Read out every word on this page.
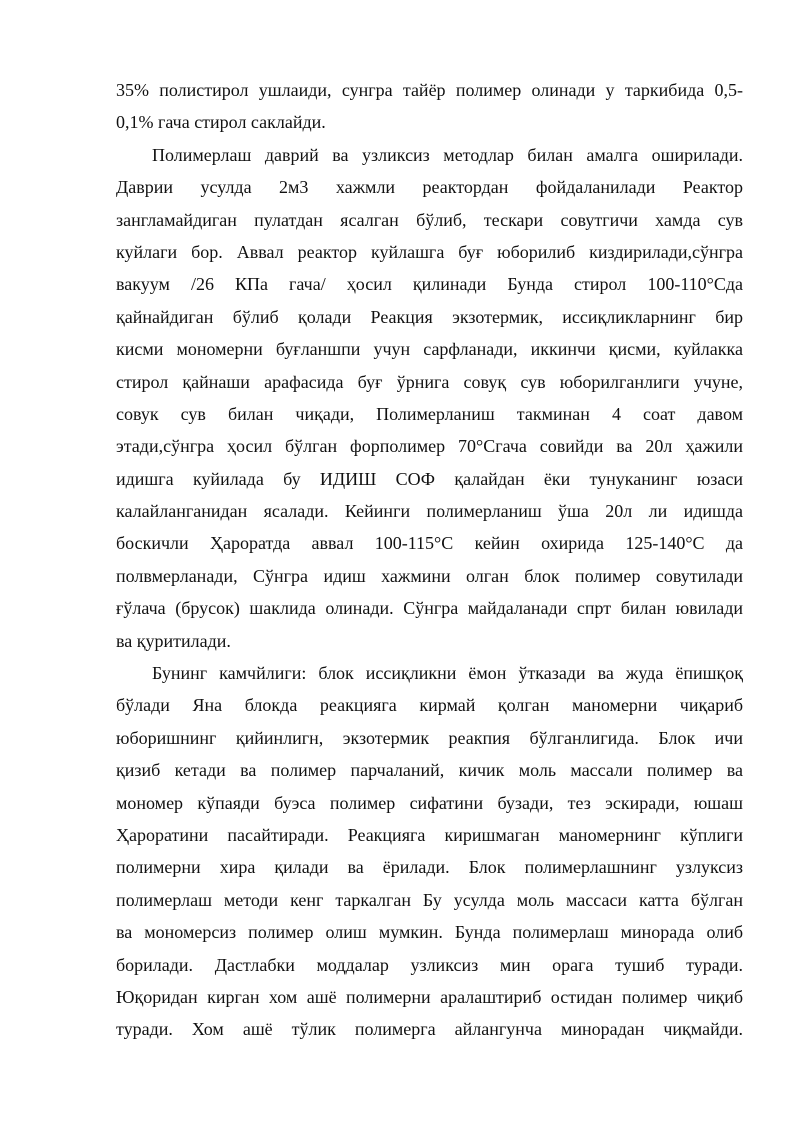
35% полистирол ушлаиди, сунгра тайёр полимер олинади у таркибида 0,5-
0,1% гача стирол саклайди.
Полимерлаш даврий ва узликсиз методлар билан амалга оширилади.
Даврии усулда 2м3 хажмли реактордан фойдаланилади Реактор
зангламайдиган пулатдан ясалган бўлиб, тескари совутгичи хамда сув
куйлаги бор. Аввал реактор куйлашга буғ юборилиб киздирилади,сўнгра
вакуум /26 КПа гача/ ҳосил қилинади Бунда стирол 100-110°Сда
қайнайдиган бўлиб қолади Реакция экзотермик, иссиқликларнинг бир
кисми мономерни буғланшпи учун сарфланади, иккинчи қисми, куйлакка
стирол қайнаши арафасида буғ ўрнига совуқ сув юборилганлиги учуне,
совук сув билан чиқади, Полимерланиш такминан 4 соат давом
этади,сўнгра ҳосил бўлган форполимер 70°Сгача совийди ва 20л ҳажили
идишга куйилада бу ИДИШ СОФ қалайдан ёки тунуканинг юзаси
калайланганидан ясалади. Кейинги полимерланиш ўша 20л ли идишда
боскичли Ҳароратда аввал 100-115°С кейин охирида 125-140°С да
полвмерланади, Сўнгра идиш хажмини олган блок полимер совутилади
ғўлача (брусок) шаклида олинади. Сўнгра майдаланади спрт билан ювилади
ва қуритилади.
Бунинг камчйлиги: блок иссиқликни ёмон ўтказади ва жуда ёпишқоқ
бўлади Яна блокда реакцияга кирмай қолган маномерни чиқариб
юборишнинг қийинлигн, экзотермик реакпия бўлганлигида. Блок ичи
қизиб кетади ва полимер парчаланий, кичик моль массали полимер ва
мономер кўпаяди буэса полимер сифатини бузади, тез эскиради, юшаш
Ҳароратини пасайтиради. Реакцияга киришмаган маномернинг кўплиги
полимерни хира қилади ва ёрилади. Блок полимерлашнинг узлуксиз
полимерлаш методи кенг таркалган Бу усулда моль массаси катта бўлган
ва мономерсиз полимер олиш мумкин. Бунда полимерлаш минорада олиб
борилади. Дастлабки моддалар узликсиз мин орага тушиб туради.
Юқоридан кирган хом ашё полимерни аралаштириб остидан полимер чиқиб
туради. Хом ашё тўлик полимерга айлангунча минорадан чиқмайди.
